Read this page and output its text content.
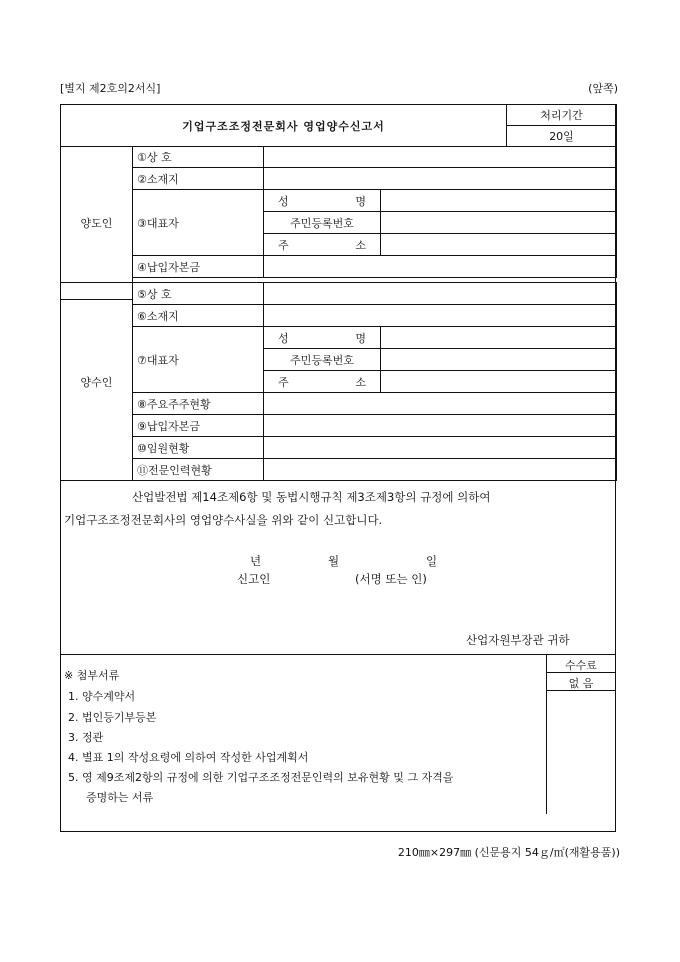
[별지 제2호의2서식]	(앞쪽)
기업구조조정전문회사 영업양수신고서	처리기간
20일
양도인	①상 호		
	②소재지		
	③대표자	성 명	
		주민등록번호	
		주 소	
	④납입자본금		

양수인	⑤상 호		
	⑥소재지		
	⑦대표자	성 명	
		주민등록번호	
		주 소	
	⑧주요주주현황		
	⑨납입자본금		
	⑩임원현황		
	⑪전문인력현황		
산업발전법 제14조제6항 및 동법시행규칙 제3조제3항의 규정에 의하여
기업구조조정전문회사의 영업양수사실을 위와 같이 신고합니다.
년	월	일
신고인	(서명 또는 인)
산업자원부장관 귀하
수수료
없 음
※ 첨부서류
1. 양수계약서
2. 법인등기부등본
3. 정관
4. 별표 1의 작성요령에 의하여 작성한 사업계획서
5. 영 제9조제2항의 규정에 의한 기업구조조정전문인력의 보유현황 및 그 자격을
증명하는 서류
210㎜×297㎜ (신문용지 54ｇ/㎡(재활용품))
